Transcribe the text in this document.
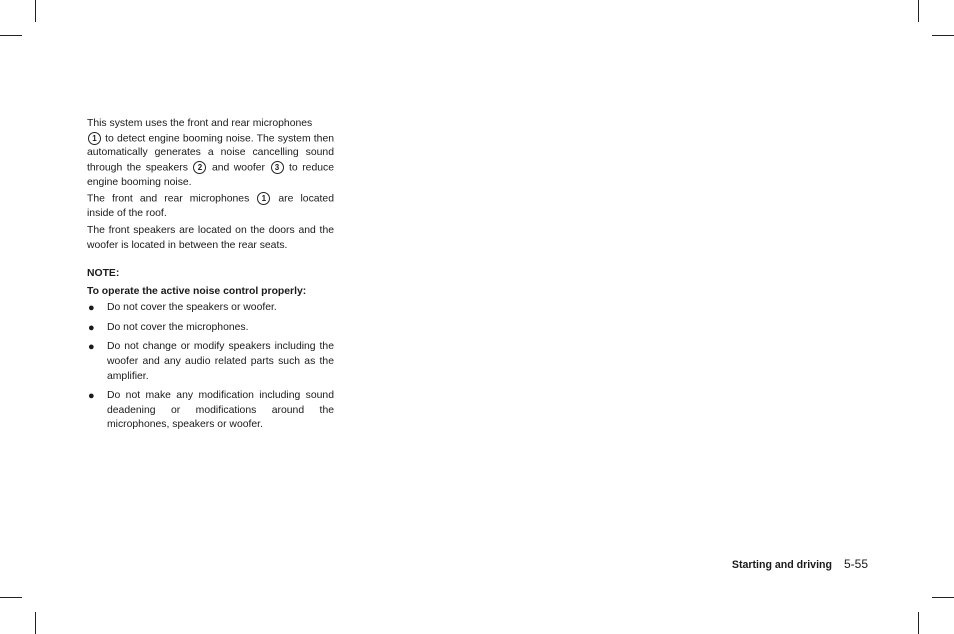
This system uses the front and rear microphones
1 to detect engine booming noise. The system then automatically generates a noise cancelling sound through the speakers 2 and woofer 3 to reduce engine booming noise.

The front and rear microphones 1 are located inside of the roof.

The front speakers are located on the doors and the woofer is located in between the rear seats.

NOTE:

To operate the active noise control properly:

● Do not cover the speakers or woofer.
● Do not cover the microphones.
● Do not change or modify speakers including the woofer and any audio related parts such as the amplifier.
● Do not make any modification including sound deadening or modifications around the microphones, speakers or woofer.
Starting and driving 5-55
